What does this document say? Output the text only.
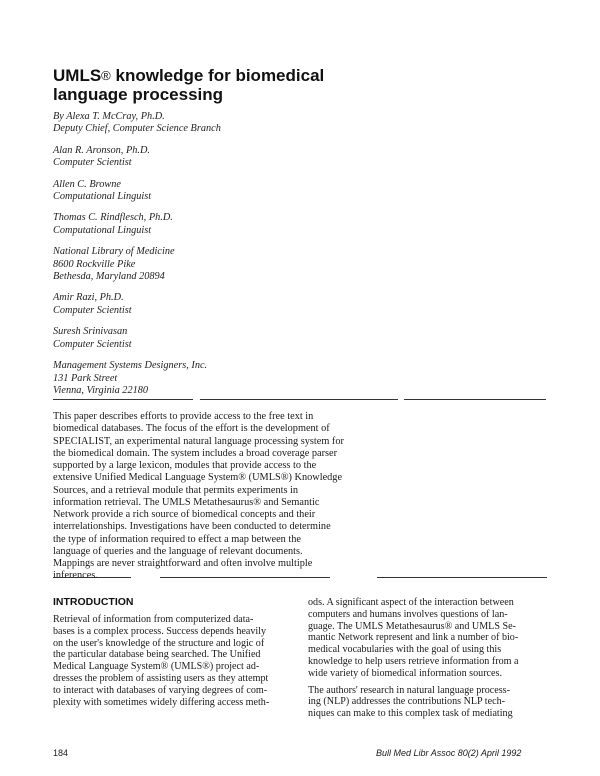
UMLS® knowledge for biomedical
language processing
By Alexa T. McCray, Ph.D.
Deputy Chief, Computer Science Branch
Alan R. Aronson, Ph.D.
Computer Scientist
Allen C. Browne
Computational Linguist
Thomas C. Rindflesch, Ph.D.
Computational Linguist
National Library of Medicine
8600 Rockville Pike
Bethesda, Maryland 20894
Amir Razi, Ph.D.
Computer Scientist
Suresh Srinivasan
Computer Scientist
Management Systems Designers, Inc.
131 Park Street
Vienna, Virginia 22180
This paper describes efforts to provide access to the free text in
biomedical databases. The focus of the effort is the development of
SPECIALIST, an experimental natural language processing system for
the biomedical domain. The system includes a broad coverage parser
supported by a large lexicon, modules that provide access to the
extensive Unified Medical Language System® (UMLS®) Knowledge
Sources, and a retrieval module that permits experiments in
information retrieval. The UMLS Metathesaurus® and Semantic
Network provide a rich source of biomedical concepts and their
interrelationships. Investigations have been conducted to determine
the type of information required to effect a map between the
language of queries and the language of relevant documents.
Mappings are never straightforward and often involve multiple
inferences.
INTRODUCTION
Retrieval of information from computerized data-
bases is a complex process. Success depends heavily
on the user's knowledge of the structure and logic of
the particular database being searched. The Unified
Medical Language System® (UMLS®) project ad-
dresses the problem of assisting users as they attempt
to interact with databases of varying degrees of com-
plexity with sometimes widely differing access meth-
ods. A significant aspect of the interaction between
computers and humans involves questions of lan-
guage. The UMLS Metathesaurus® and UMLS Se-
mantic Network represent and link a number of bio-
medical vocabularies with the goal of using this
knowledge to help users retrieve information from a
wide variety of biomedical information sources.
The authors' research in natural language process-
ing (NLP) addresses the contributions NLP tech-
niques can make to this complex task of mediating
184	Bull Med Libr Assoc 80(2) April 1992
